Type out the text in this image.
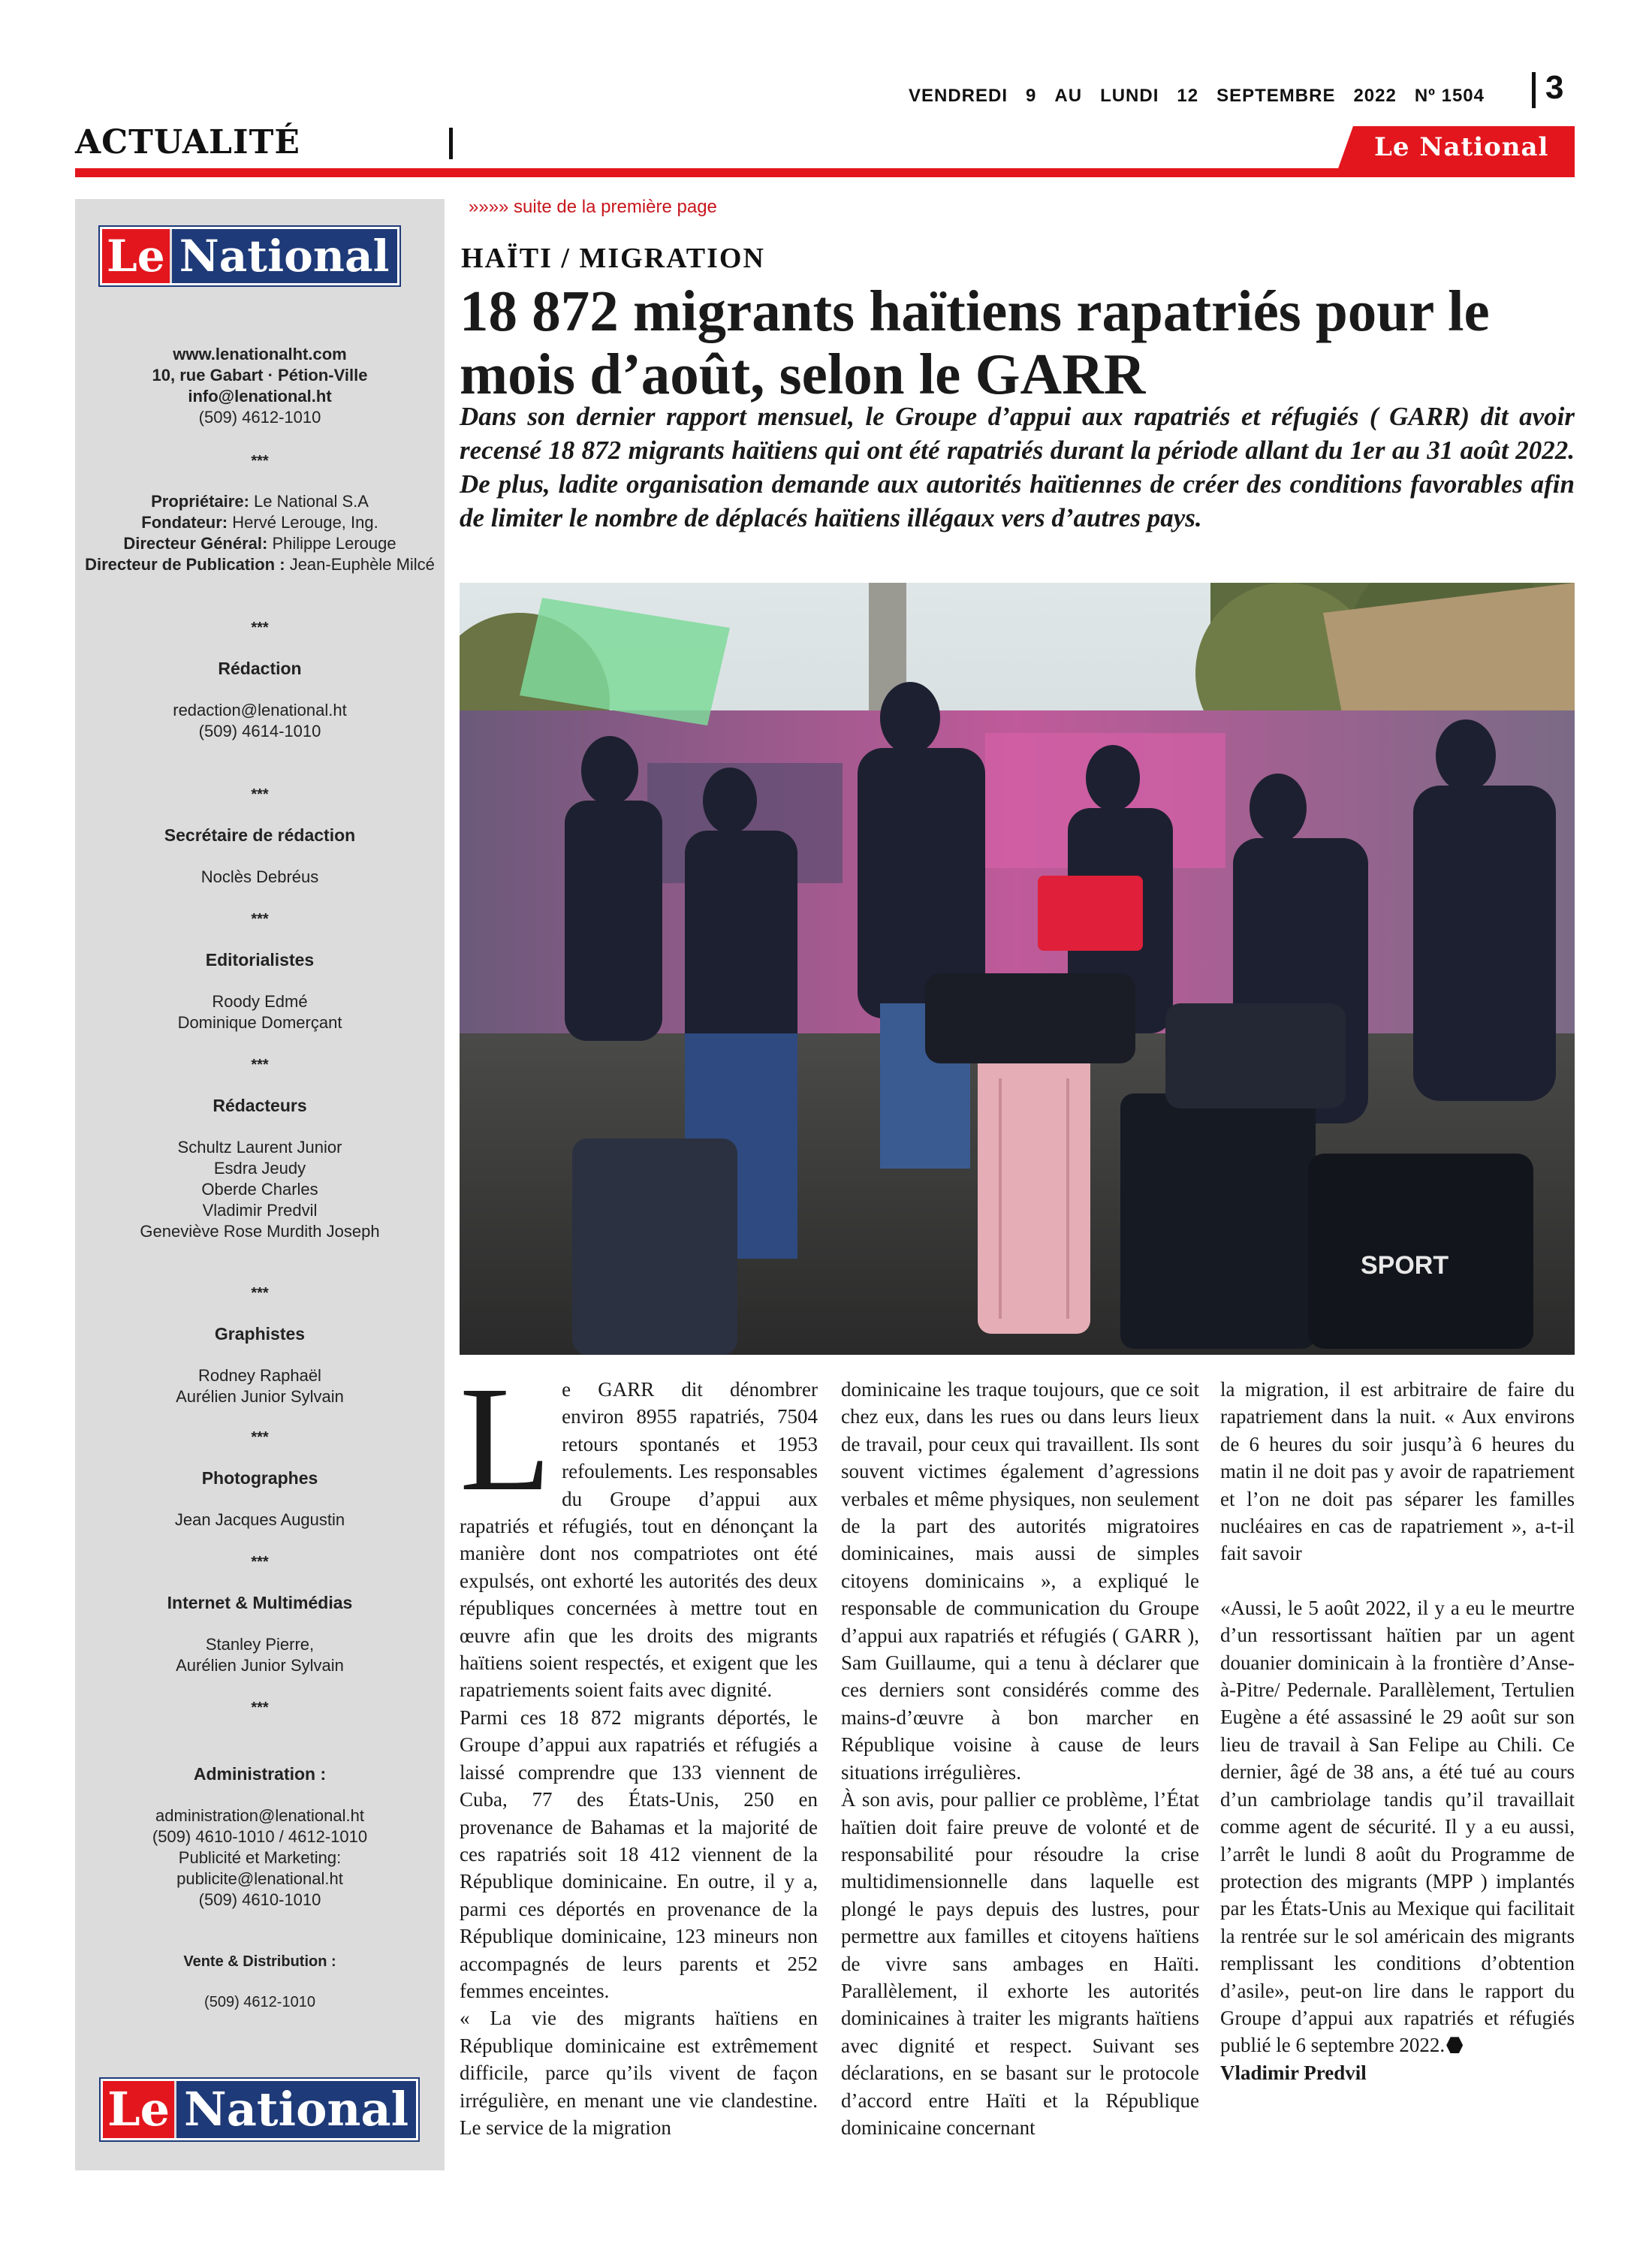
ACTUALITÉ
VENDREDI 9 AU LUNDI 12 SEPTEMBRE 2022 Nº 1504	3
Le National
Le National
www.lenationalht.com
10, rue Gabart · Pétion-Ville
info@lenational.ht
(509) 4612-1010
***
Propriétaire: Le National S.A
Fondateur: Hervé Lerouge, Ing.
Directeur Général: Philippe Lerouge
Directeur de Publication : Jean-Euphèle Milcé
***
Rédaction
redaction@lenational.ht
(509) 4614-1010
***
Secrétaire de rédaction
Noclès Debréus
***
Editorialistes
Roody Edmé
Dominique Domerçant
***
Rédacteurs
Schultz Laurent Junior
Esdra Jeudy
Oberde Charles
Vladimir Predvil
Geneviève Rose Murdith Joseph
***
Graphistes
Rodney Raphaël
Aurélien Junior Sylvain
***
Photographes
Jean Jacques Augustin
***
Internet & Multimédias
Stanley Pierre,
Aurélien Junior Sylvain
***
Administration :
administration@lenational.ht
(509) 4610-1010 / 4612-1010
Publicité et Marketing:
publicite@lenational.ht
(509) 4610-1010
Vente & Distribution :
(509) 4612-1010
Le National
»»»» suite de la première page
HAÏTI / MIGRATION
18 872 migrants haïtiens rapatriés pour le mois d’août, selon le GARR

Dans son dernier rapport mensuel, le Groupe d’appui aux rapatriés et réfugiés ( GARR) dit avoir recensé 18 872 migrants haïtiens qui ont été rapatriés durant la période allant du 1er au 31 août 2022. De plus, ladite organisation demande aux autorités haïtiennes de créer des conditions favorables afin de limiter le nombre de déplacés haïtiens illégaux vers d’autres pays.

SPORT
L e GARR dit dénombrer environ 8955 rapatriés, 7504 retours spontanés et 1953 refoulements. Les responsables du Groupe d’appui aux rapatriés et réfugiés, tout en dénonçant la manière dont nos compatriotes ont été expulsés, ont exhorté les autorités des deux républiques concernées à mettre tout en œuvre afin que les droits des migrants haïtiens soient respectés, et exigent que les rapatriements soient faits avec dignité.

Parmi ces 18 872 migrants déportés, le Groupe d’appui aux rapatriés et réfugiés a laissé comprendre que 133 viennent de Cuba, 77 des États-Unis, 250 en provenance de Bahamas et la majorité de ces rapatriés soit 18 412 viennent de la République dominicaine. En outre, il y a, parmi ces déportés en provenance de la République dominicaine, 123 mineurs non accompagnés de leurs parents et 252 femmes enceintes.

« La vie des migrants haïtiens en République dominicaine est extrêmement difficile, parce qu’ils vivent de façon irrégulière, en menant une vie clandestine. Le service de la migration

dominicaine les traque toujours, que ce soit chez eux, dans les rues ou dans leurs lieux de travail, pour ceux qui travaillent. Ils sont souvent victimes également d’agressions verbales et même physiques, non seulement de la part des autorités migratoires dominicaines, mais aussi de simples citoyens dominicains », a expliqué le responsable de communication du Groupe d’appui aux rapatriés et réfugiés ( GARR ), Sam Guillaume, qui a tenu à déclarer que ces derniers sont considérés comme des mains-d’œuvre à bon marcher en République voisine à cause de leurs situations irrégulières.

À son avis, pour pallier ce problème, l’État haïtien doit faire preuve de volonté et de responsabilité pour résoudre la crise multidimensionnelle dans laquelle est plongé le pays depuis des lustres, pour permettre aux familles et citoyens haïtiens de vivre sans ambages en Haïti. Parallèlement, il exhorte les autorités dominicaines à traiter les migrants haïtiens avec dignité et respect. Suivant ses déclarations, en se basant sur le protocole d’accord entre Haïti et la République dominicaine concernant

la migration, il est arbitraire de faire du rapatriement dans la nuit. « Aux environs de 6 heures du soir jusqu’à 6 heures du matin il ne doit pas y avoir de rapatriement et l’on ne doit pas séparer les familles nucléaires en cas de rapatriement », a-t-il fait savoir

«Aussi, le 5 août 2022, il y a eu le meurtre d’un ressortissant haïtien par un agent douanier dominicain à la frontière d’Anse-à-Pitre/ Pedernale. Parallèlement, Tertulien Eugène a été assassiné le 29 août sur son lieu de travail à San Felipe au Chili. Ce dernier, âgé de 38 ans, a été tué au cours d’un cambriolage tandis qu’il travaillait comme agent de sécurité. Il y a eu aussi, l’arrêt le lundi 8 août du Programme de protection des migrants (MPP ) implantés par les États-Unis au Mexique qui facilitait la rentrée sur le sol américain des migrants remplissant les conditions d’obtention d’asile», peut-on lire dans le rapport du Groupe d’appui aux rapatriés et réfugiés publié le 6 septembre 2022.

Vladimir Predvil
